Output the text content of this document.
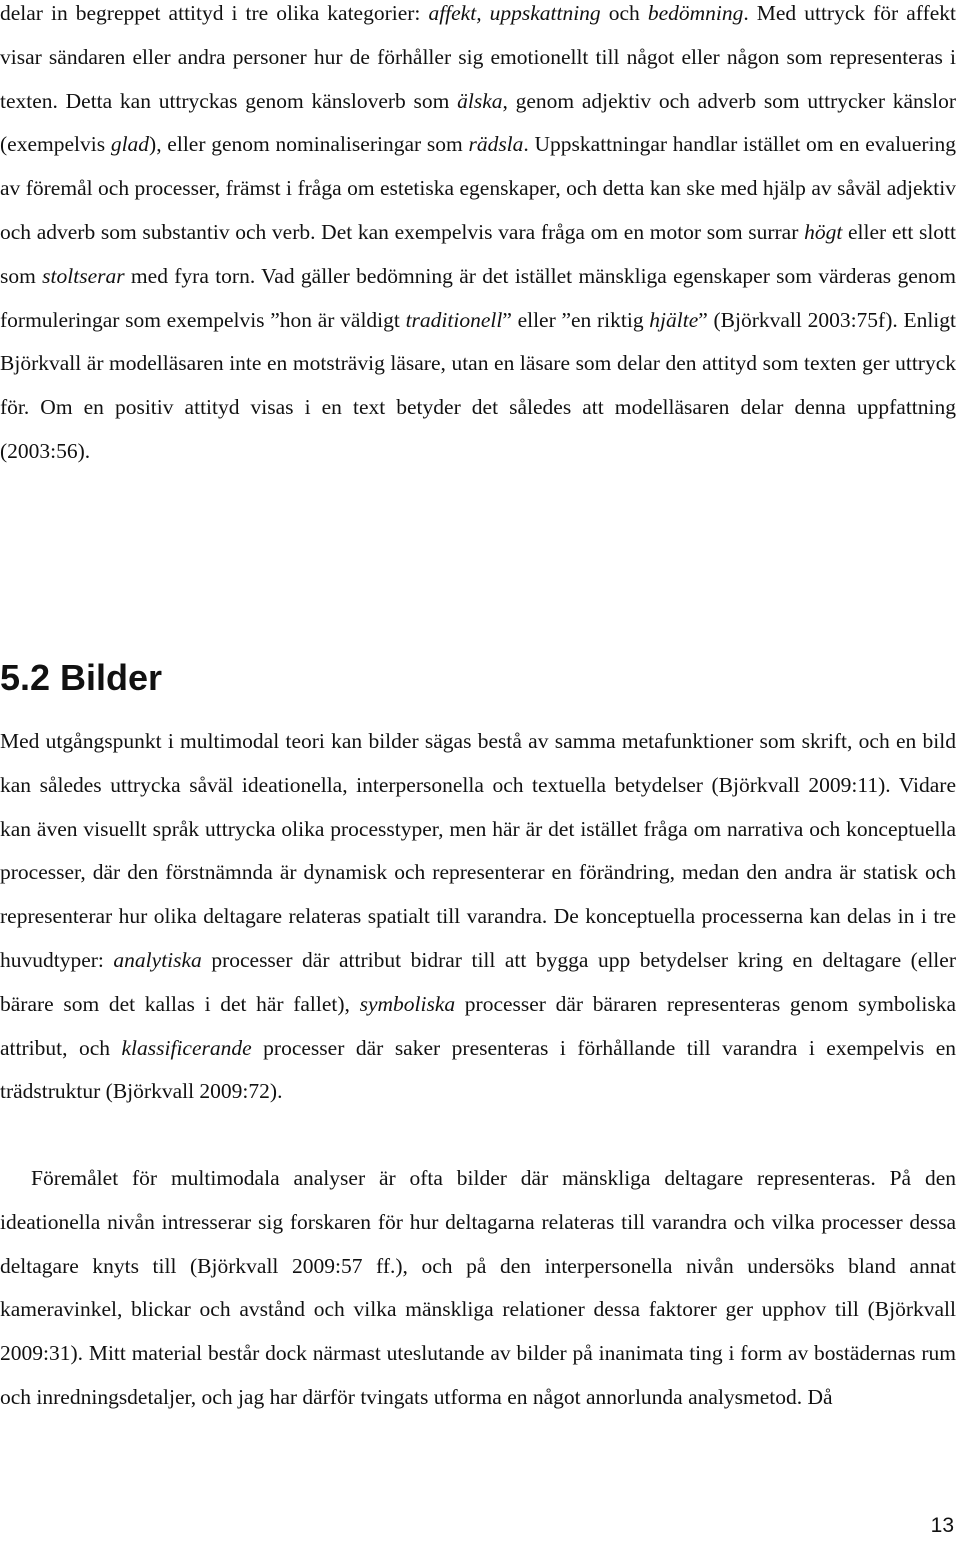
delar in begreppet attityd i tre olika kategorier: affekt, uppskattning och bedömning. Med uttryck för affekt visar sändaren eller andra personer hur de förhåller sig emotionellt till något eller någon som representeras i texten. Detta kan uttryckas genom känsloverb som älska, genom adjektiv och adverb som uttrycker känslor (exempelvis glad), eller genom nominaliseringar som rädsla. Uppskattningar handlar istället om en evaluering av föremål och processer, främst i fråga om estetiska egenskaper, och detta kan ske med hjälp av såväl adjektiv och adverb som substantiv och verb. Det kan exempelvis vara fråga om en motor som surrar högt eller ett slott som stoltserar med fyra torn. Vad gäller bedömning är det istället mänskliga egenskaper som värderas genom formuleringar som exempelvis ”hon är väldigt traditionell” eller ”en riktig hjälte” (Björkvall 2003:75f). Enligt Björkvall är modelläsaren inte en motsträvig läsare, utan en läsare som delar den attityd som texten ger uttryck för. Om en positiv attityd visas i en text betyder det således att modelläsaren delar denna uppfattning (2003:56).

5.2 Bilder

Med utgångspunkt i multimodal teori kan bilder sägas bestå av samma metafunktioner som skrift, och en bild kan således uttrycka såväl ideationella, interpersonella och textuella betydelser (Björkvall 2009:11). Vidare kan även visuellt språk uttrycka olika processtyper, men här är det istället fråga om narrativa och konceptuella processer, där den förstnämnda är dynamisk och representerar en förändring, medan den andra är statisk och representerar hur olika deltagare relateras spatialt till varandra. De konceptuella processerna kan delas in i tre huvudtyper: analytiska processer där attribut bidrar till att bygga upp betydelser kring en deltagare (eller bärare som det kallas i det här fallet), symboliska processer där bäraren representeras genom symboliska attribut, och klassificerande processer där saker presenteras i förhållande till varandra i exempelvis en trädstruktur (Björkvall 2009:72).

Föremålet för multimodala analyser är ofta bilder där mänskliga deltagare representeras. På den ideationella nivån intresserar sig forskaren för hur deltagarna relateras till varandra och vilka processer dessa deltagare knyts till (Björkvall 2009:57 ff.), och på den interpersonella nivån undersöks bland annat kameravinkel, blickar och avstånd och vilka mänskliga relationer dessa faktorer ger upphov till (Björkvall 2009:31). Mitt material består dock närmast uteslutande av bilder på inanimata ting i form av bostädernas rum och inredningsdetaljer, och jag har därför tvingats utforma en något annorlunda analysmetod. Då

13
